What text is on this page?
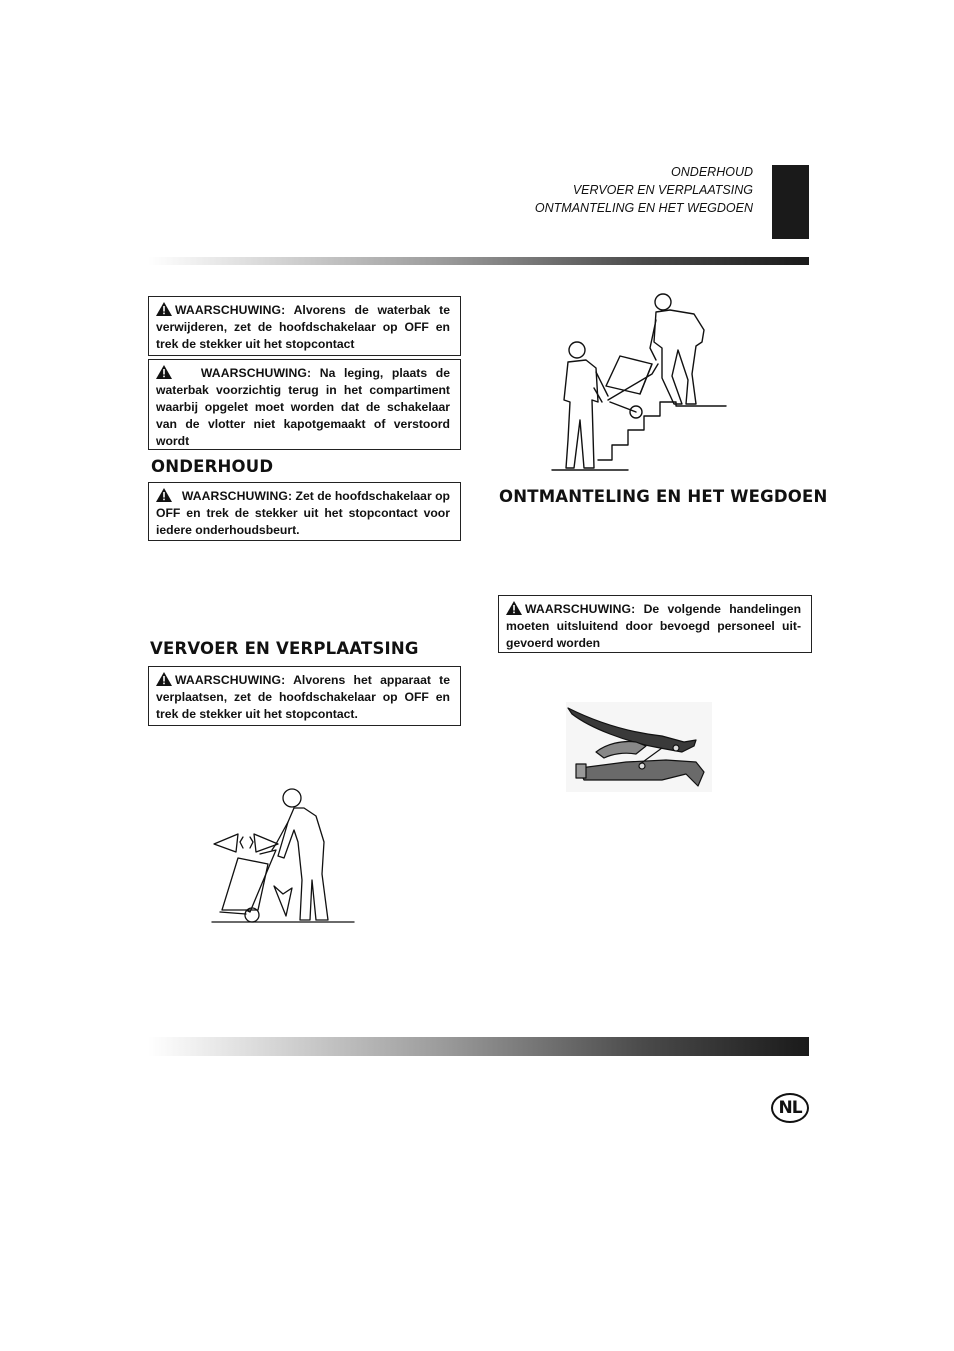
ONDERHOUD
VERVOER EN VERPLAATSING
ONTMANTELING EN HET WEGDOEN
WAARSCHUWING: Alvorens de waterbak te verwijderen, zet de hoofdschakelaar op OFF en trek de stekker uit het stopcontact
WAARSCHUWING: Na leging, plaats de waterbak voorzichtig terug in het compartiment waarbij opgelet moet worden dat de schakelaar van de vlotter niet kapotgemaakt of verstoord wordt
ONDERHOUD
WAARSCHUWING: Zet de hoofdschakelaar op OFF en trek de stekker uit het stopcontact voor iedere onderhoudsbeurt.
VERVOER EN VERPLAATSING
WAARSCHUWING: Alvorens het apparaat te verplaatsen, zet de hoofdschakelaar op OFF en trek de stekker uit het stopcontact.
ONTMANTELING EN HET WEGDOEN
WAARSCHUWING: De volgende handelingen moeten uitsluitend door bevoegd personeel uit-gevoerd worden
NL
